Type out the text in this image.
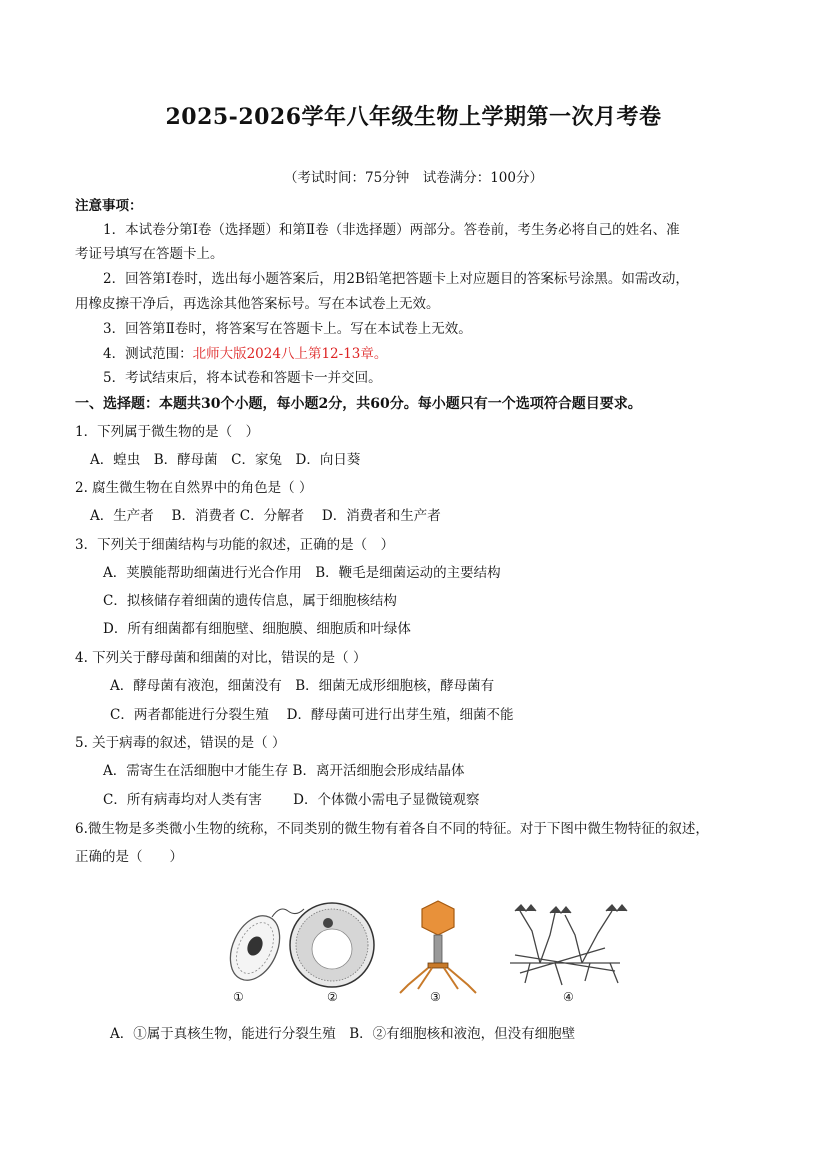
2025-2026学年八年级生物上学期第一次月考卷
（考试时间：75分钟　试卷满分：100分）
注意事项：
1．本试卷分第Ⅰ卷（选择题）和第Ⅱ卷（非选择题）两部分。答卷前，考生务必将自己的姓名、准
考证号填写在答题卡上。
2．回答第Ⅰ卷时，选出每小题答案后，用2B铅笔把答题卡上对应题目的答案标号涂黑。如需改动，
用橡皮擦干净后，再选涂其他答案标号。写在本试卷上无效。
3．回答第Ⅱ卷时，将答案写在答题卡上。写在本试卷上无效。
4．测试范围：北师大版2024八上第12-13章。
5．考试结束后，将本试卷和答题卡一并交回。
一、选择题：本题共30个小题，每小题2分，共60分。每小题只有一个选项符合题目要求。
1．下列属于微生物的是（　）
A．蝗虫　B．酵母菌　C．家兔　D．向日葵
2. 腐生微生物在自然界中的角色是（ ）
A．生产者　 B．消费者 C．分解者　 D．消费者和生产者
3．下列关于细菌结构与功能的叙述，正确的是（　）
A．荚膜能帮助细菌进行光合作用　B．鞭毛是细菌运动的主要结构
C．拟核储存着细菌的遗传信息，属于细胞核结构
D．所有细菌都有细胞壁、细胞膜、细胞质和叶绿体
4. 下列关于酵母菌和细菌的对比，错误的是（ ）
A．酵母菌有液泡，细菌没有　B．细菌无成形细胞核，酵母菌有
C．两者都能进行分裂生殖　 D．酵母菌可进行出芽生殖，细菌不能
5. 关于病毒的叙述，错误的是（ ）
A．需寄生在活细胞中才能生存 B．离开活细胞会形成结晶体
C．所有病毒均对人类有害　　 D．个体微小需电子显微镜观察
6.微生物是多类微小生物的统称，不同类别的微生物有着各自不同的特征。对于下图中微生物特征的叙述，
正确的是（　　）
①	②	③	④
A．①属于真核生物，能进行分裂生殖　B．②有细胞核和液泡，但没有细胞壁
